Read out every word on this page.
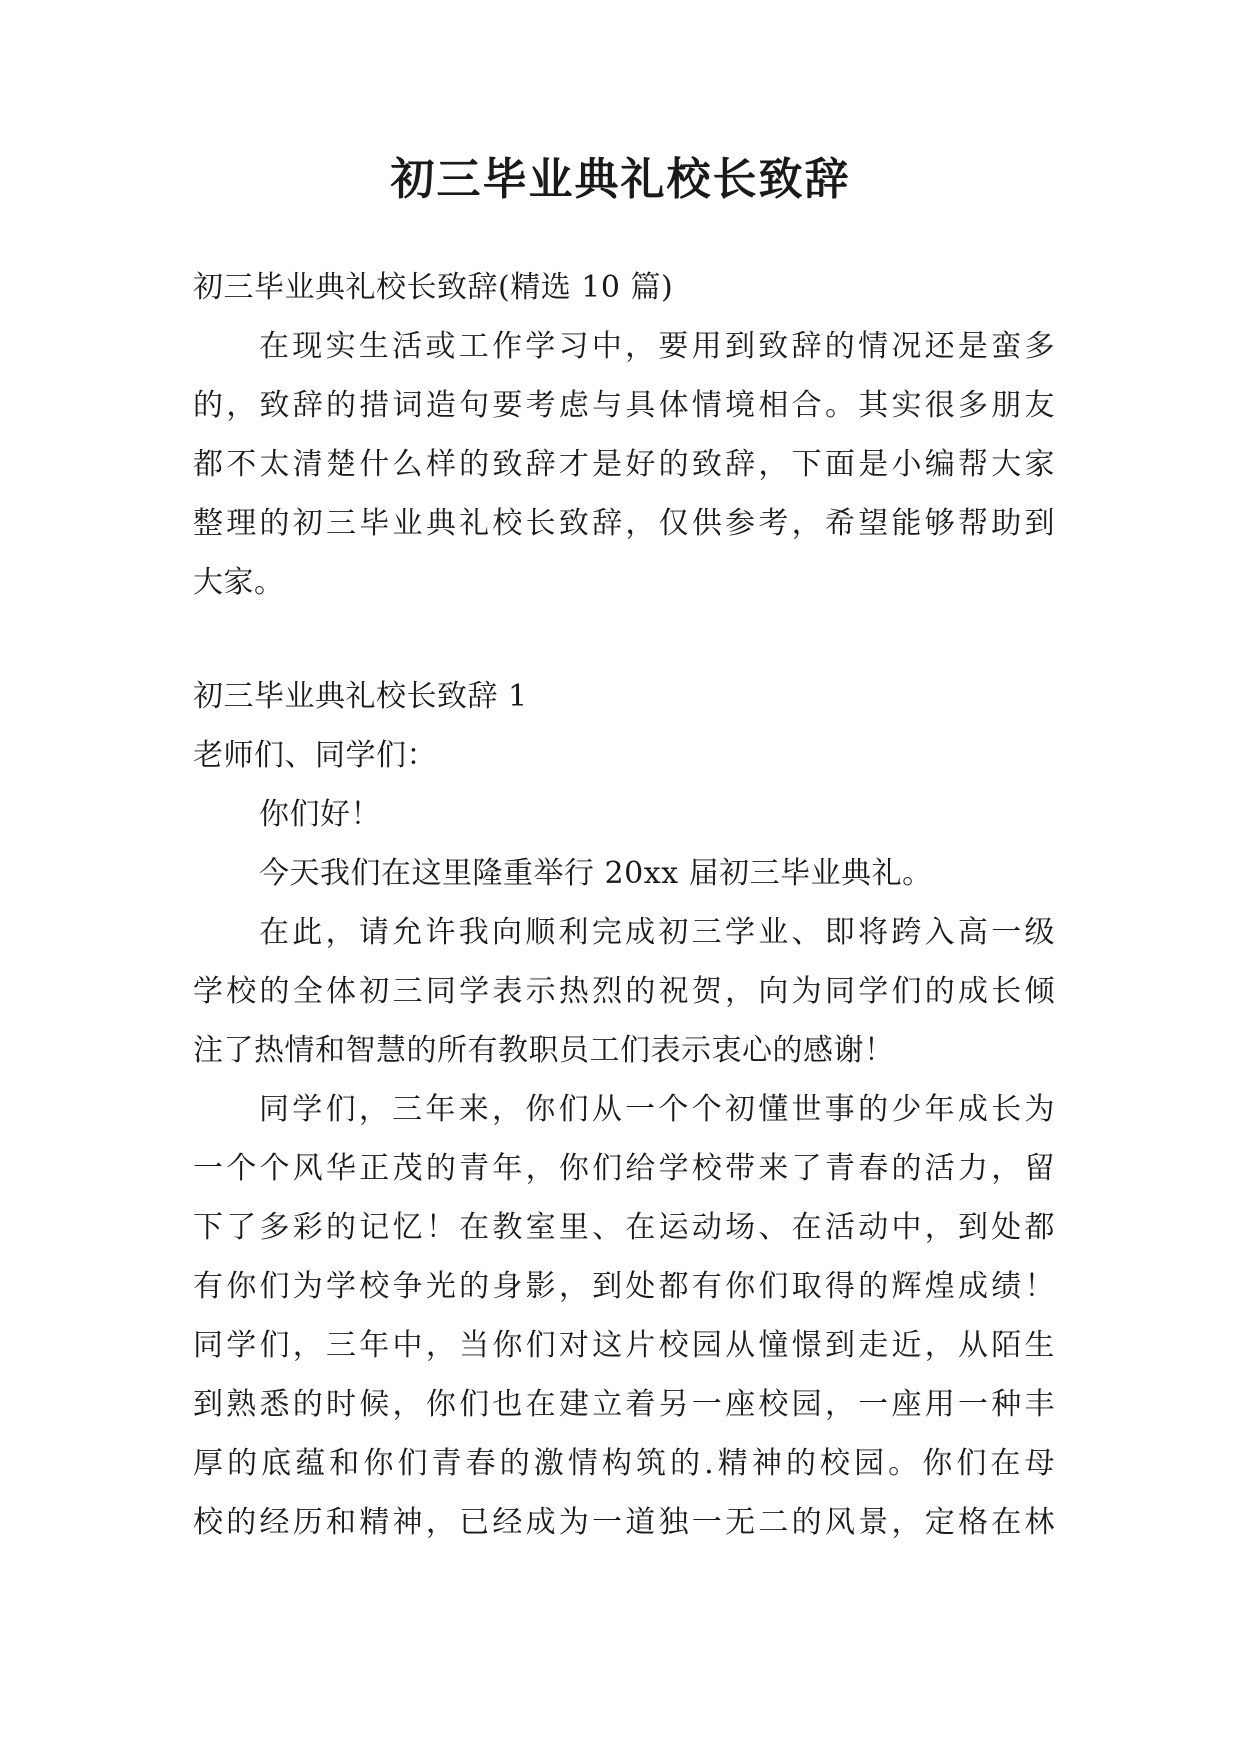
初三毕业典礼校长致辞

初三毕业典礼校长致辞(精选 10 篇)

在现实生活或工作学习中，要用到致辞的情况还是蛮多

的，致辞的措词造句要考虑与具体情境相合。其实很多朋友

都不太清楚什么样的致辞才是好的致辞，下面是小编帮大家

整理的初三毕业典礼校长致辞，仅供参考，希望能够帮助到

大家。

初三毕业典礼校长致辞 1

老师们、同学们：

你们好！

今天我们在这里隆重举行 20xx 届初三毕业典礼。

在此，请允许我向顺利完成初三学业、即将跨入高一级

学校的全体初三同学表示热烈的祝贺，向为同学们的成长倾

注了热情和智慧的所有教职员工们表示衷心的感谢！

同学们，三年来，你们从一个个初懂世事的少年成长为

一个个风华正茂的青年，你们给学校带来了青春的活力，留

下了多彩的记忆！在教室里、在运动场、在活动中，到处都

有你们为学校争光的身影，到处都有你们取得的辉煌成绩！

同学们，三年中，当你们对这片校园从憧憬到走近，从陌生

到熟悉的时候，你们也在建立着另一座校园，一座用一种丰

厚的底蕴和你们青春的激情构筑的.精神的校园。你们在母

校的经历和精神，已经成为一道独一无二的风景，定格在林
